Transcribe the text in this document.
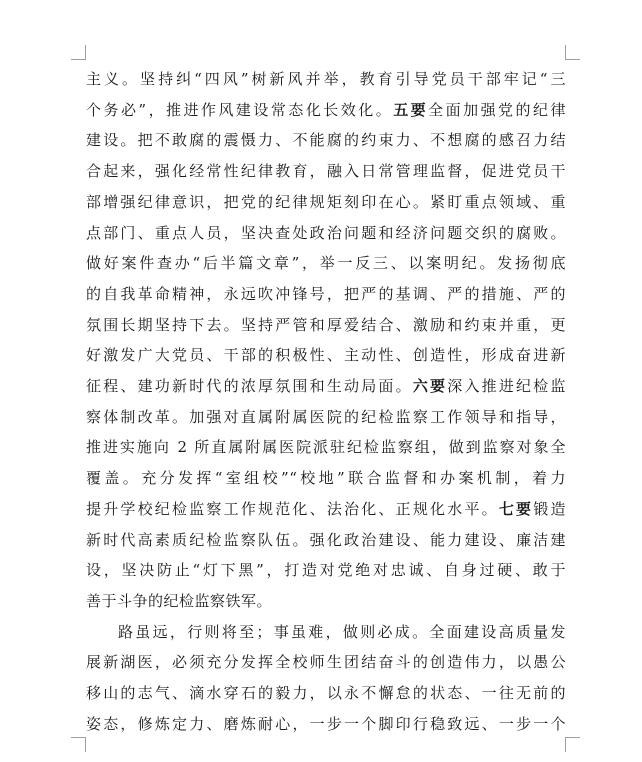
主义。坚持纠“四风”树新风并举，教育引导党员干部牢记“三
个务必”，推进作风建设常态化长效化。五要全面加强党的纪律
建设。把不敢腐的震慑力、不能腐的约束力、不想腐的感召力结
合起来，强化经常性纪律教育，融入日常管理监督，促进党员干
部增强纪律意识，把党的纪律规矩刻印在心。紧盯重点领域、重
点部门、重点人员，坚决查处政治问题和经济问题交织的腐败。
做好案件查办“后半篇文章”，举一反三、以案明纪。发扬彻底
的自我革命精神，永远吹冲锋号，把严的基调、严的措施、严的
氛围长期坚持下去。坚持严管和厚爱结合、激励和约束并重，更
好激发广大党员、干部的积极性、主动性、创造性，形成奋进新
征程、建功新时代的浓厚氛围和生动局面。六要深入推进纪检监
察体制改革。加强对直属附属医院的纪检监察工作领导和指导，
推进实施向 2 所直属附属医院派驻纪检监察组，做到监察对象全
覆盖。充分发挥“室组校”“校地”联合监督和办案机制，着力
提升学校纪检监察工作规范化、法治化、正规化水平。七要锻造
新时代高素质纪检监察队伍。强化政治建设、能力建设、廉洁建
设，坚决防止“灯下黑”，打造对党绝对忠诚、自身过硬、敢于
善于斗争的纪检监察铁军。
路虽远，行则将至；事虽难，做则必成。全面建设高质量发
展新湖医，必须充分发挥全校师生团结奋斗的创造伟力，以愚公
移山的志气、滴水穿石的毅力，以永不懈怠的状态、一往无前的
姿态，修炼定力、磨炼耐心，一步一个脚印行稳致远、一步一个
